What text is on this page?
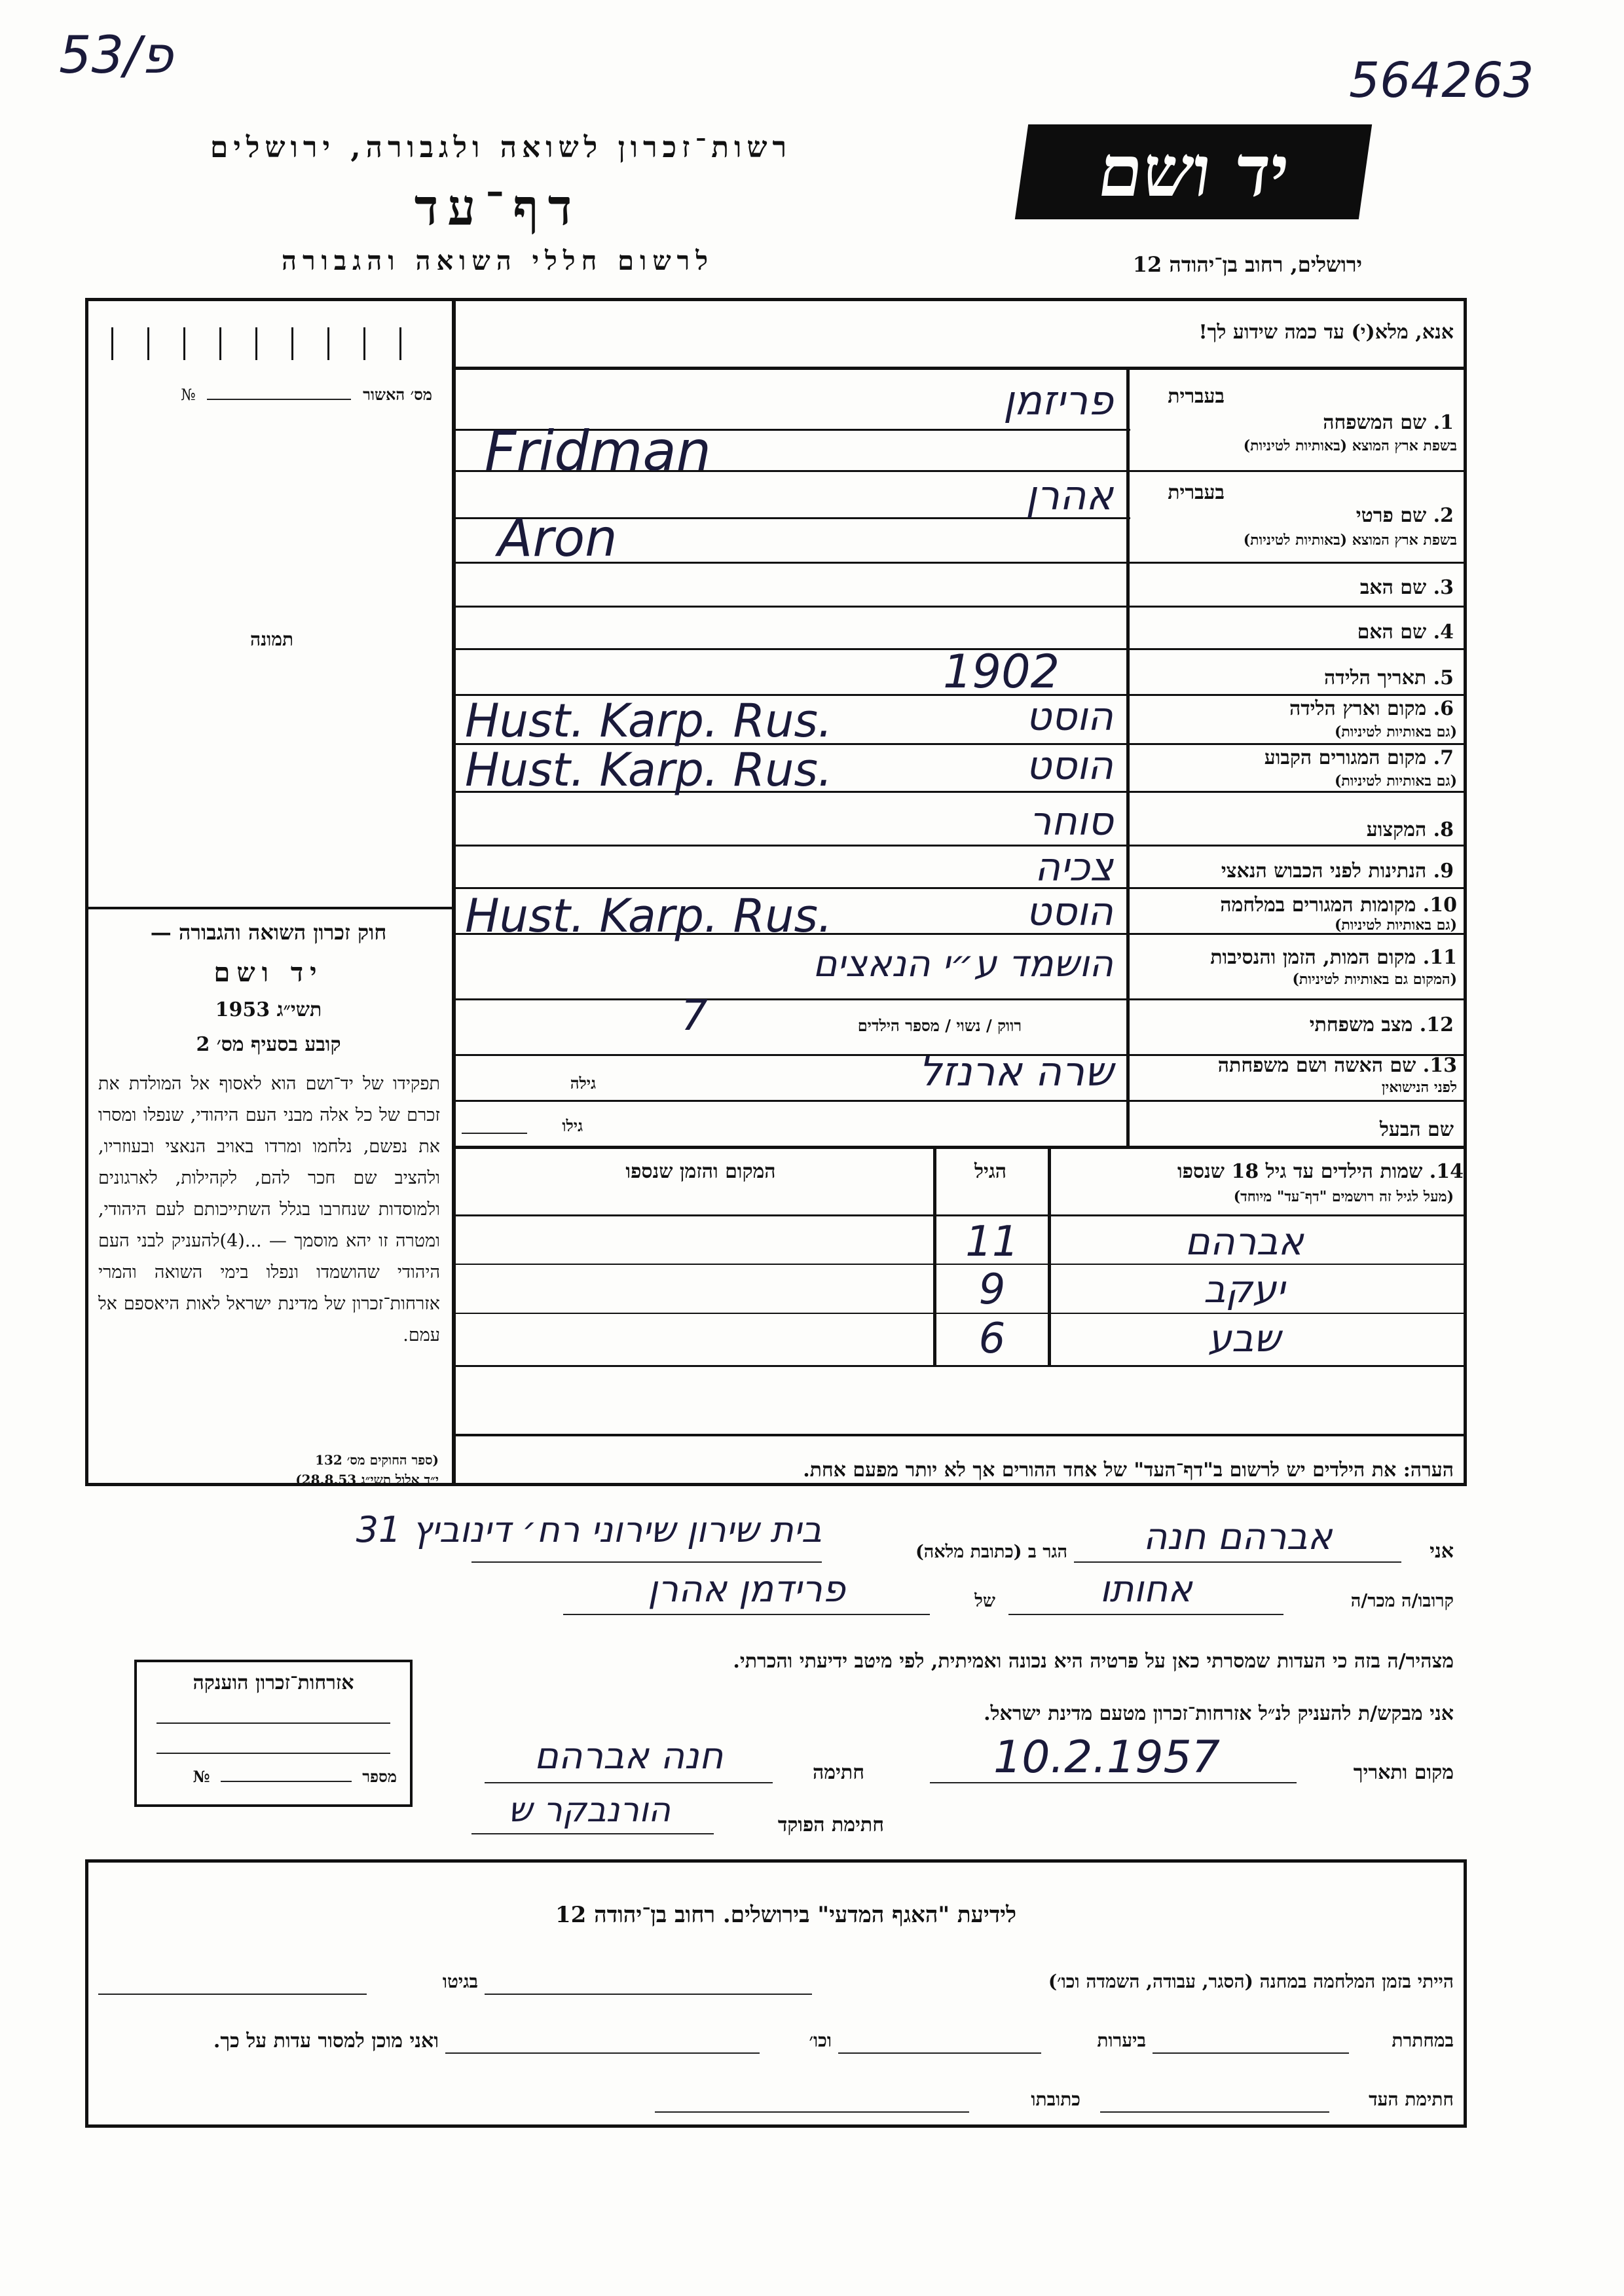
53/פ	564263
רשות־זכרון לשואה ולגבורה, ירושלים
דף־עד
לרשום חללי השואה והגבורה
יד ושם
ירושלים, רחוב בן־יהודה 12
מס׳ האשור  №
תמונה
חוק זכרון השואה והגבורה —
יד ושם
תשי״ג 1953
קובע בסעיף מס׳ 2
תפקידו של יד־ושם הוא לאסוף אל המולדת את זכרם של כל אלה מבני העם היהודי, שנפלו ומסרו את נפשם, נלחמו ומרדו באויב הנאצי ובעוזריו, ולהציב שם חכר להם, לקהילות, לארגונים ולמוסדות שנחרבו בגלל השתייכותם לעם היהודי, ומטרה זו יהא מוסמך — ...(4)להעניק לבני העם היהודי שהושמדו ונפלו בימי השואה והמרי אזרחות־זכרון של מדינת ישראל לאות היאספם אל עמם.
(ספר החוקים מס׳ 132
י״ד אלול תשי״ג 28.8.53)
אנא, מלא(י) עד כמה שידוע לך!
בעברית
1. שם המשפחה
בשפת ארץ המוצא (באותיות לטיניות)
פריזמן
Fridman
בעברית
2. שם פרטי
בשפת ארץ המוצא (באותיות לטיניות)
אהרן
Aron
3. שם האב
4. שם האם
5. תאריך הלידה
1902
6. מקום וארץ הלידה
(גם באותיות לטיניות)
הוסט
Hust. Karp. Rus.
7. מקום המגורים הקבוע
(גם באותיות לטיניות)
הוסט
Hust. Karp. Rus.
8. המקצוע
סוחר
9. הנתינות לפני הכבוש הנאצי
צכיה
10. מקומות המגורים במלחמה
(גם באותיות לטיניות)
הוסט
Hust. Karp. Rus.
11. מקום המות, הזמן והנסיבות
(המקום גם באותיות לטיניות)
הושמד ע״י הנאצים
12. מצב משפחתי
רווק / נשוי / מספר הילדים
7
13. שם האשה ושם משפחתה
לפני הנישואין
שרה ארנזל
גילה
שם הבעל
גילו
14. שמות הילדים עד גיל 18 שנספו
(מעל לגיל זה רושמים "דף־עד" מיוחד)
הגיל
המקום והזמן שנספו
אברהם
11
יעקב
9
שבע
6
הערה: את הילדים יש לרשום ב"דף־העד" של אחד ההורים אך לא יותר מפעם אחת.
אני
אברהם חנה
הגר ב (כתובת מלאה)
בית שירון שירוני רח׳ דינוביץ 31
קרובו/ה מכר/ה
אחותו
של
פרידמן אהרן
מצהיר/ה בזה כי העדות שמסרתי כאן על פרטיה היא נכונה ואמיתית, לפי מיטב ידיעתי והכרתי.
אני מבקש/ת להעניק לנ״ל אזרחות־זכרון מטעם מדינת ישראל.
מקום ותאריך
10.2.1957
חתימה
חנה אברהם
חתימת הפוקד
הורנבקר ש
אזרחות־זכרון הוענקה
מספר  №
לידיעת "האגף המדעי" בירושלים. רחוב בן־יהודה 12
הייתי בזמן המלחמה במחנה (הסגר, עבודה, השמדה וכו׳)
בגיטו
במחתרת
ביערות
וכו׳
ואני מוכן למסור עדות על כך.
חתימת העד
כתובתו
